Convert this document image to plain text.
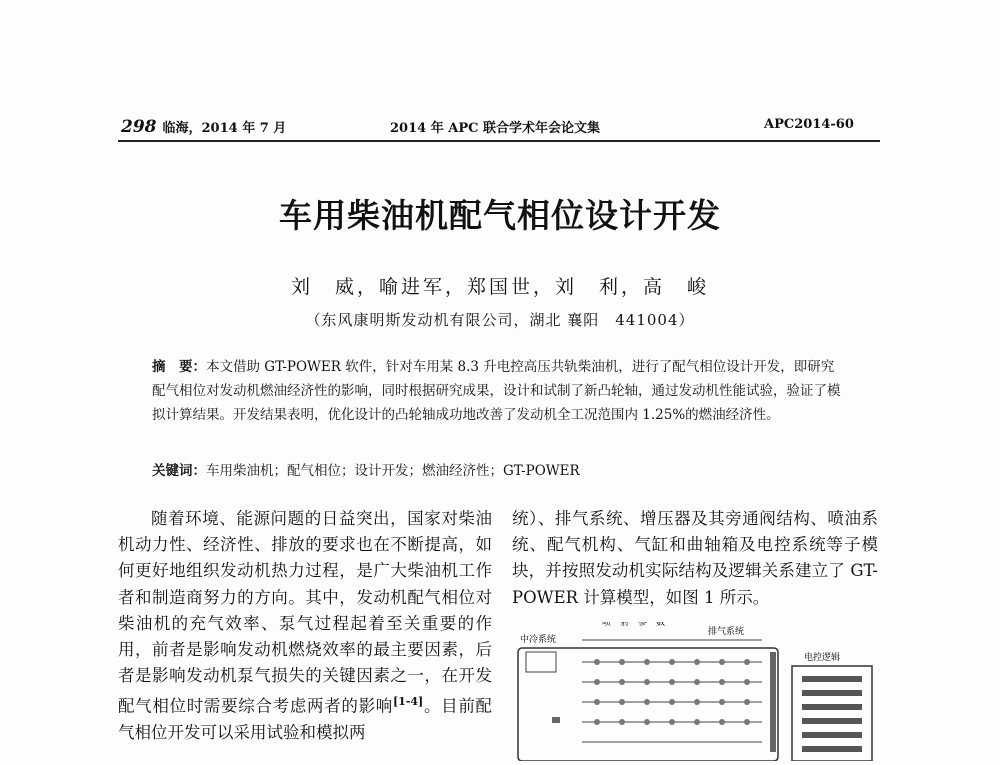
298 临海，2014 年 7 月	2014 年 APC 联合学术年会论文集	APC2014-60
车用柴油机配气相位设计开发
刘　威，喻进军，郑国世，刘　利，高　峻
（东风康明斯发动机有限公司，湖北 襄阳　441004）
摘　要：本文借助 GT-POWER 软件，针对车用某 8.3 升电控高压共轨柴油机，进行了配气相位设计开发，即研究配气相位对发动机燃油经济性的影响，同时根据研究成果，设计和试制了新凸轮轴，通过发动机性能试验，验证了模拟计算结果。开发结果表明，优化设计的凸轮轴成功地改善了发动机全工况范围内 1.25%的燃油经济性。
关键词：车用柴油机；配气相位；设计开发；燃油经济性；GT-POWER
随着环境、能源问题的日益突出，国家对柴油机动力性、经济性、排放的要求也在不断提高，如何更好地组织发动机热力过程，是广大柴油机工作者和制造商努力的方向。其中，发动机配气相位对柴油机的充气效率、泵气过程起着至关重要的作用，前者是影响发动机燃烧效率的最主要因素，后者是影响发动机泵气损失的关键因素之一，在开发配气相位时需要综合考虑两者的影响[1-4]。目前配气相位开发可以采用试验和模拟两
统）、排气系统、增压器及其旁通阀结构、喷油系统、配气机构、气缸和曲轴箱及电控系统等子模块，并按照发动机实际结构及逻辑关系建立了 GT-POWER 计算模型，如图 1 所示。
中冷系统
排气系统
喷　射　参　数
电控逻辑
